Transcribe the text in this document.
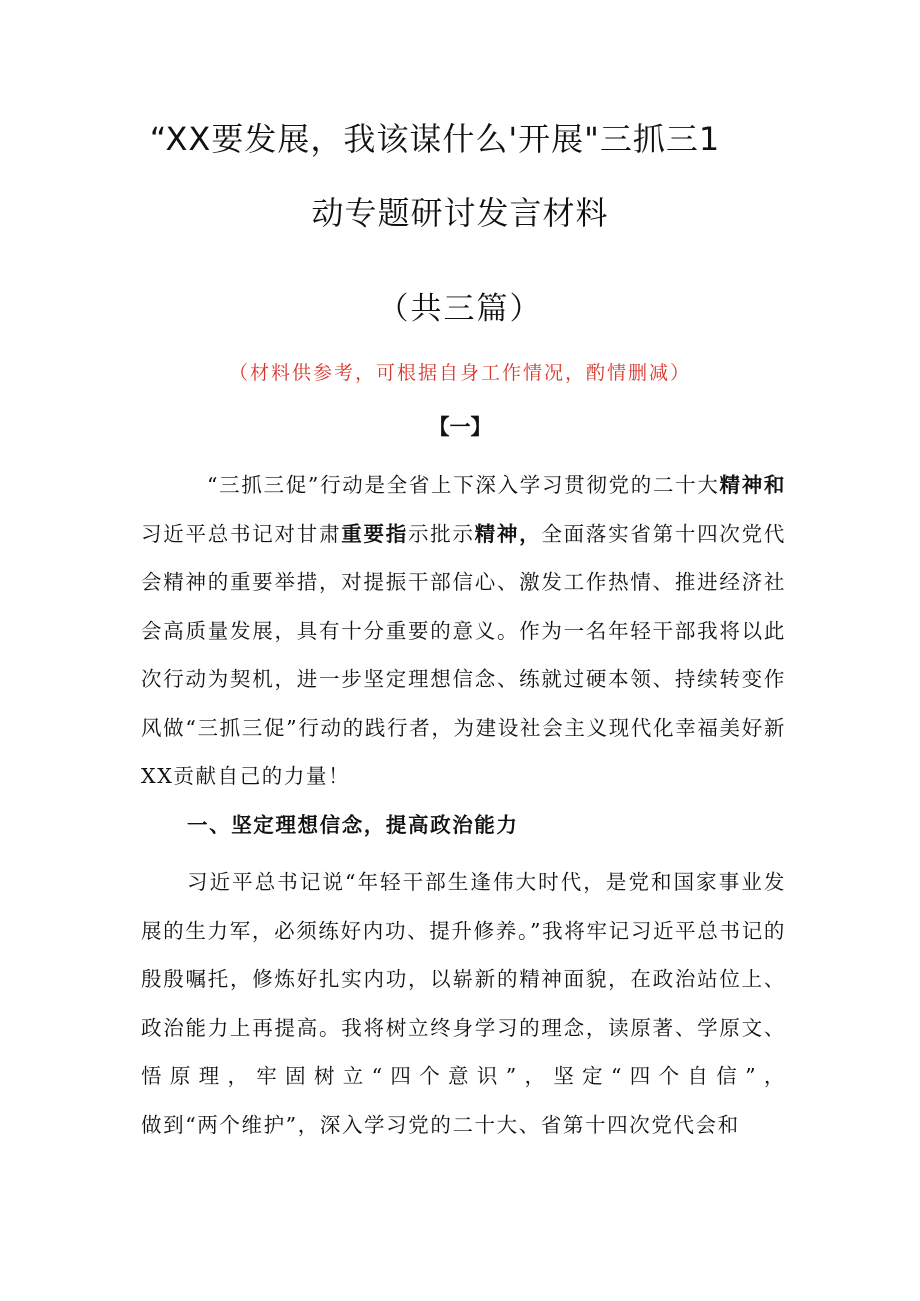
“XX要发展，我该谋什么'开展"三抓三1
动专题研讨发言材料
（共三篇）
（材料供参考，可根据自身工作情况，酌情删减）
【一】
“三抓三促”行动是全省上下深入学习贯彻党的二十大精神和习近平总书记对甘肃重要指示批示精神，全面落实省第十四次党代会精神的重要举措，对提振干部信心、激发工作热情、推进经济社会高质量发展，具有十分重要的意义。作为一名年轻干部我将以此次行动为契机，进一步坚定理想信念、练就过硬本领、持续转变作风做“三抓三促”行动的践行者，为建设社会主义现代化幸福美好新XX贡献自己的力量！
一、坚定理想信念，提高政治能力
习近平总书记说“年轻干部生逢伟大时代，是党和国家事业发展的生力军，必须练好内功、提升修养。”我将牢记习近平总书记的殷殷嘱托，修炼好扎实内功，以崭新的精神面貌，在政治站位上、政治能力上再提高。我将树立终身学习的理念，读原著、学原文、悟原理，牢固树立“四个意识”，坚定“四个自信”，做到“两个维护”，深入学习党的二十大、省第十四次党代会和
